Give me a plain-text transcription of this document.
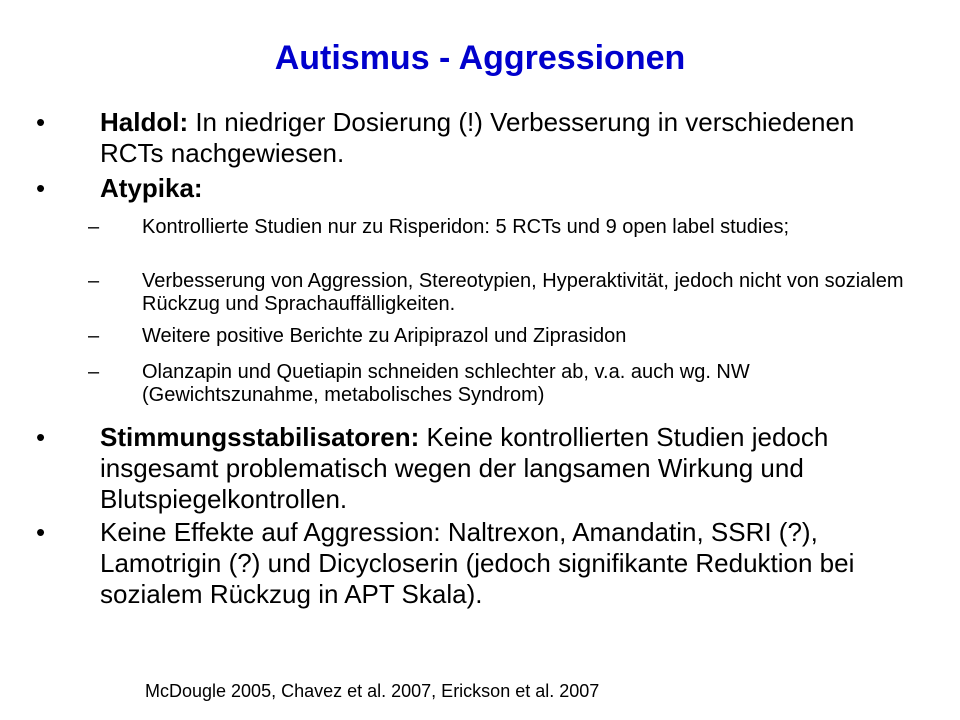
Autismus - Aggressionen
• Haldol: In niedriger Dosierung (!) Verbesserung in verschiedenen RCTs nachgewiesen.
• Atypika:
– Kontrollierte Studien nur zu Risperidon: 5 RCTs und 9 open label studies;
– Verbesserung von Aggression, Stereotypien, Hyperaktivität, jedoch nicht von sozialem Rückzug und Sprachauffälligkeiten.
– Weitere positive Berichte zu Aripiprazol und Ziprasidon
– Olanzapin und Quetiapin schneiden schlechter ab, v.a. auch wg. NW (Gewichtszunahme, metabolisches Syndrom)
• Stimmungsstabilisatoren: Keine kontrollierten Studien jedoch insgesamt problematisch wegen der langsamen Wirkung und Blutspiegelkontrollen.
• Keine Effekte auf Aggression: Naltrexon, Amandatin, SSRI (?), Lamotrigin (?) und Dicycloserin (jedoch signifikante Reduktion bei sozialem Rückzug in APT Skala).
McDougle 2005, Chavez et al. 2007, Erickson et al. 2007
